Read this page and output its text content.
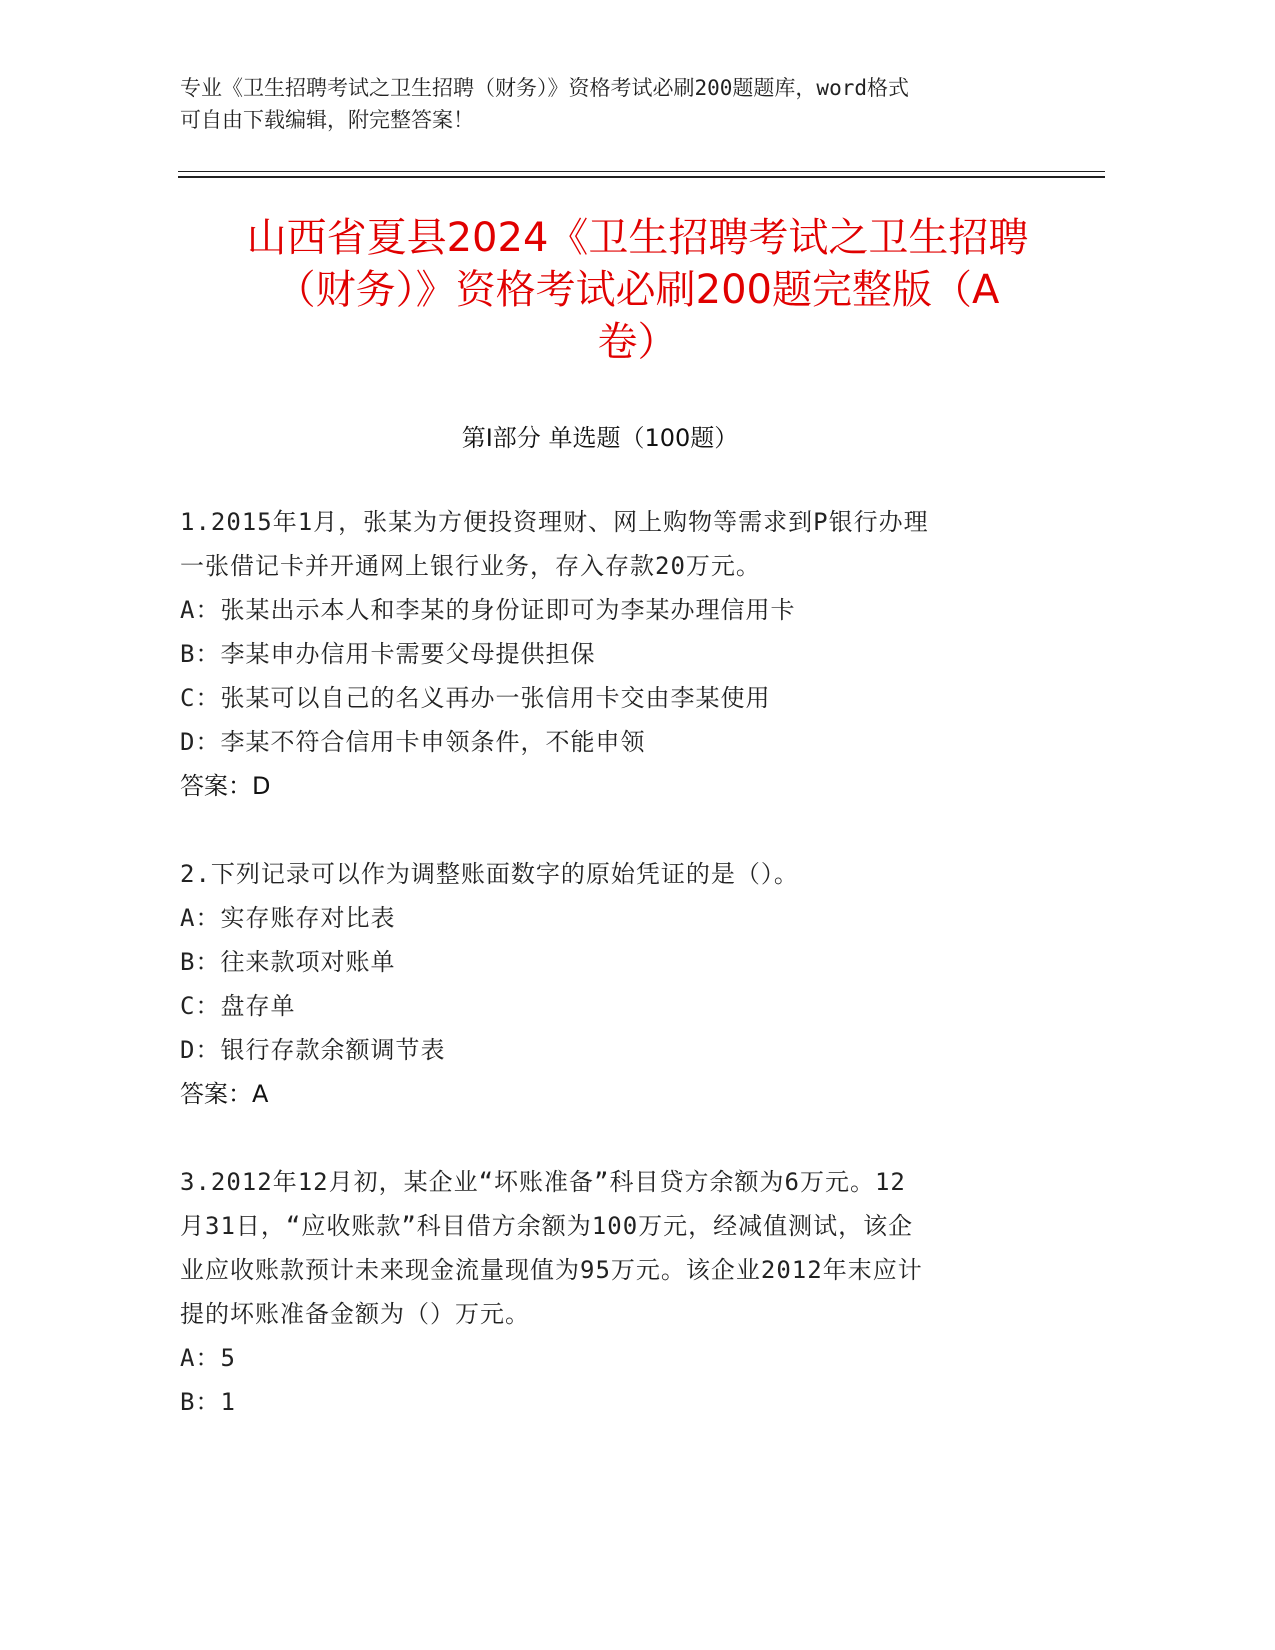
专业《卫生招聘考试之卫生招聘（财务）》资格考试必刷200题题库，word格式
可自由下载编辑，附完整答案！
山西省夏县2024《卫生招聘考试之卫生招聘
（财务）》资格考试必刷200题完整版（A
卷）
第Ⅰ部分 单选题（100题）
1.2015年1月，张某为方便投资理财、网上购物等需求到P银行办理
一张借记卡并开通网上银行业务，存入存款20万元。
A：张某出示本人和李某的身份证即可为李某办理信用卡
B：李某申办信用卡需要父母提供担保
C：张某可以自己的名义再办一张信用卡交由李某使用
D：李某不符合信用卡申领条件，不能申领
答案：D
2.下列记录可以作为调整账面数字的原始凭证的是（）。
A：实存账存对比表
B：往来款项对账单
C：盘存单
D：银行存款余额调节表
答案：A
3.2012年12月初，某企业“坏账准备”科目贷方余额为6万元。12
月31日，“应收账款”科目借方余额为100万元，经减值测试，该企
业应收账款预计未来现金流量现值为95万元。该企业2012年末应计
提的坏账准备金额为（）万元。
A：5
B：1
